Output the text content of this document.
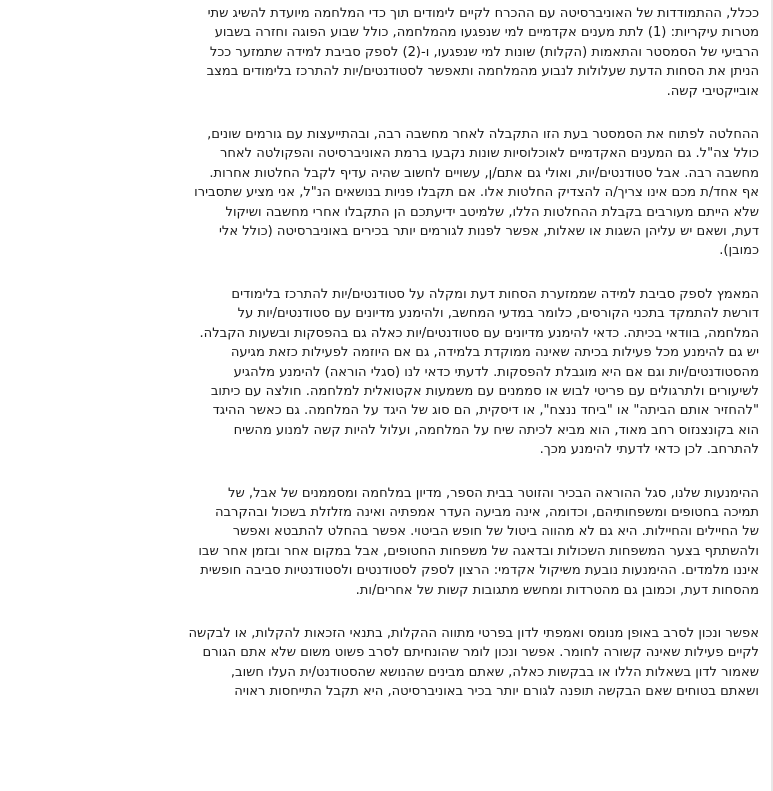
ככלל, ההתמודדות של האוניברסיטה עם ההכרח לקיים לימודים תוך כדי המלחמה מיועדת להשיג שתי
מטרות עיקריות: (1) לתת מענים אקדמיים למי שנפגעו מהמלחמה, כולל שבוע הפוגה וחזרה בשבוע
הרביעי של הסמסטר והתאמות (הקלות) שונות למי שנפגעו, ו-(2) לספק סביבת למידה שתמזער ככל
הניתן את הסחות הדעת שעלולות לנבוע מהמלחמה ותאפשר לסטודנטים/יות להתרכז בלימודים במצב
אובייקטיבי קשה.
ההחלטה לפתוח את הסמסטר בעת הזו התקבלה לאחר מחשבה רבה, ובהתייעצות עם גורמים שונים,
כולל צה"ל. גם המענים האקדמיים לאוכלוסיות שונות נקבעו ברמת האוניברסיטה והפקולטה לאחר
מחשבה רבה. אבל סטודנטים/יות, ואולי גם אתם/ן, עשויים לחשוב שהיה עדיף לקבל החלטות אחרות.
אף אחד/ת מכם אינו צריך/ה להצדיק החלטות אלו. אם תקבלו פניות בנושאים הנ"ל, אני מציע שתסבירו
שלא הייתם מעורבים בקבלת ההחלטות הללו, שלמיטב ידיעתכם הן התקבלו אחרי מחשבה ושיקול
דעת, ושאם יש עליהן השגות או שאלות, אפשר לפנות לגורמים יותר בכירים באוניברסיטה (כולל אלי
כמובן).
המאמץ לספק סביבת למידה שממזערת הסחות דעת ומקלה על סטודנטים/יות להתרכז בלימודים
דורשת להתמקד בתכני הקורסים, כלומר במדעי המחשב, ולהימנע מדיונים עם סטודנטים/יות על
המלחמה, בוודאי בכיתה. כדאי להימנע מדיונים עם סטודנטים/יות כאלה גם בהפסקות ובשעות הקבלה.
יש גם להימנע מכל פעילות בכיתה שאינה ממוקדת בלמידה, גם אם היוזמה לפעילות כזאת מגיעה
מהסטודנטים/יות וגם אם היא מוגבלת להפסקות. לדעתי כדאי לנו (סגלי הוראה) להימנע מלהגיע
לשיעורים ולתרגולים עם פריטי לבוש או סממנים עם משמעות אקטואלית למלחמה. חולצה עם כיתוב
"להחזיר אותם הביתה" או "ביחד ננצח", או דיסקית, הם סוג של היגד על המלחמה. גם כאשר ההיגד
הוא בקונצנזוס רחב מאוד, הוא מביא לכיתה שיח על המלחמה, ועלול להיות קשה למנוע מהשיח
להתרחב. לכן כדאי לדעתי להימנע מכך.
ההימנעות שלנו, סגל ההוראה הבכיר והזוטר בבית הספר, מדיון במלחמה ומסממנים של אבל, של
תמיכה בחטופים ומשפחותיהם, וכדומה, אינה מביעה העדר אמפתיה ואינה מזלזלת בשכול ובהקרבה
של החיילים והחיילות. היא גם לא מהווה ביטול של חופש הביטוי. אפשר בהחלט להתבטא ואפשר
ולהשתתף בצער המשפחות השכולות ובדאגה של משפחות החטופים, אבל במקום אחר ובזמן אחר שבו
איננו מלמדים. ההימנעות נובעת משיקול אקדמי: הרצון לספק לסטודנטים ולסטודנטיות סביבה חופשית
מהסחות דעת, וכמובן גם מהטרדות ומחשש מתגובות קשות של אחרים/ות.
אפשר ונכון לסרב באופן מנומס ואמפתי לדון בפרטי מתווה ההקלות, בתנאי הזכאות להקלות, או לבקשה
לקיים פעילות שאינה קשורה לחומר. אפשר ונכון לומר שהונחיתם לסרב פשוט משום שלא אתם הגורם
שאמור לדון בשאלות הללו או בבקשות כאלה, שאתם מבינים שהנושא שהסטודנט/ית העלו חשוב,
ושאתם בטוחים שאם הבקשה תופנה לגורם יותר בכיר באוניברסיטה, היא תקבל התייחסות ראויה
